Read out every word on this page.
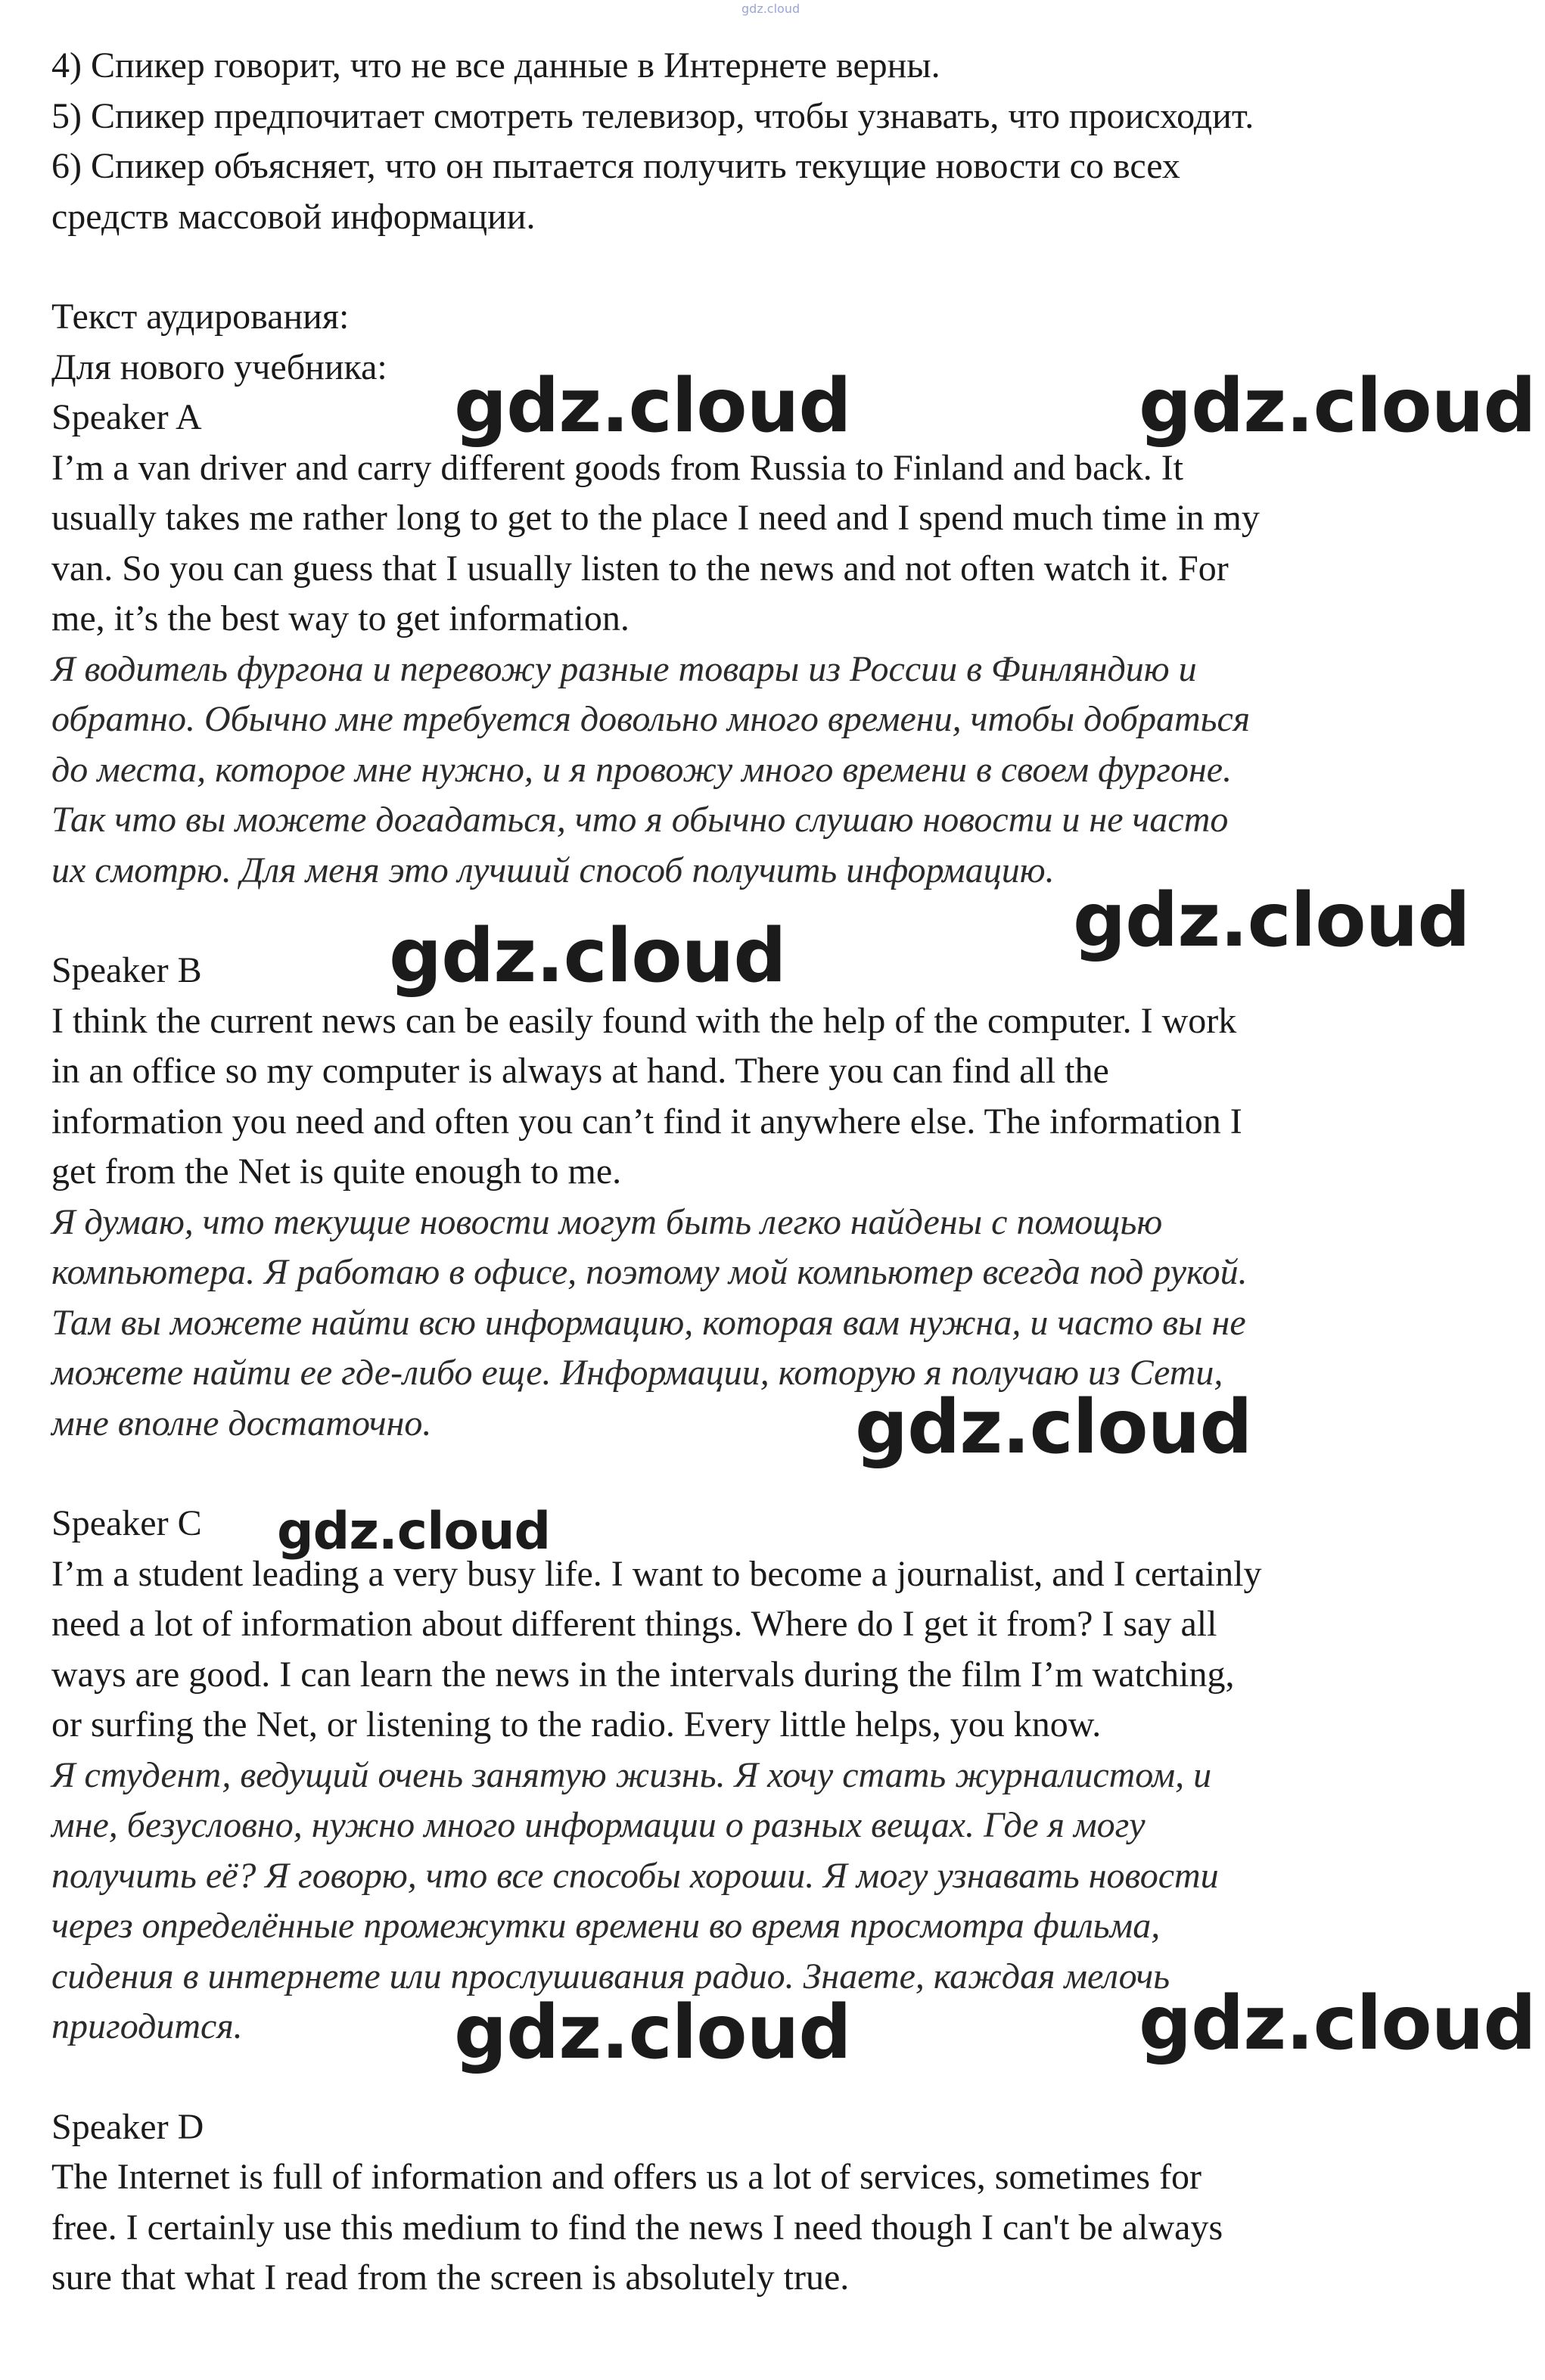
gdz.cloud

4) Спикер говорит, что не все данные в Интернете верны.

5) Спикер предпочитает смотреть телевизор, чтобы узнавать, что происходит.

6) Спикер объясняет, что он пытается получить текущие новости со всех

средств массовой информации.

Текст аудирования:

Для нового учебника:

Speaker A

I’m a van driver and carry different goods from Russia to Finland and back. It

usually takes me rather long to get to the place I need and I spend much time in my

van. So you can guess that I usually listen to the news and not often watch it. For

me, it’s the best way to get information.

Я водитель фургона и перевожу разные товары из России в Финляндию и

обратно. Обычно мне требуется довольно много времени, чтобы добраться

до места, которое мне нужно, и я провожу много времени в своем фургоне.

Так что вы можете догадаться, что я обычно слушаю новости и не часто

их смотрю. Для меня это лучший способ получить информацию.

Speaker B

I think the current news can be easily found with the help of the computer. I work

in an office so my computer is always at hand. There you can find all the

information you need and often you can’t find it anywhere else. The information I

get from the Net is quite enough to me.

Я думаю, что текущие новости могут быть легко найдены с помощью

компьютера. Я работаю в офисе, поэтому мой компьютер всегда под рукой.

Там вы можете найти всю информацию, которая вам нужна, и часто вы не

можете найти ее где-либо еще. Информации, которую я получаю из Сети,

мне вполне достаточно.

Speaker C

I’m a student leading a very busy life. I want to become a journalist, and I certainly

need a lot of information about different things. Where do I get it from? I say all

ways are good. I can learn the news in the intervals during the film I’m watching,

or surfing the Net, or listening to the radio. Every little helps, you know.

Я студент, ведущий очень занятую жизнь. Я хочу стать журналистом, и

мне, безусловно, нужно много информации о разных вещах. Где я могу

получить её? Я говорю, что все способы хороши. Я могу узнавать новости

через определённые промежутки времени во время просмотра фильма,

сидения в интернете или прослушивания радио. Знаете, каждая мелочь

пригодится.

Speaker D

The Internet is full of information and offers us a lot of services, sometimes for

free. I certainly use this medium to find the news I need though I can't be always

sure that what I read from the screen is absolutely true.

gdz.cloud	gdz.cloud
gdz.cloud
gdz.cloud
gdz.cloud
gdz.cloud
gdz.cloud	gdz.cloud
